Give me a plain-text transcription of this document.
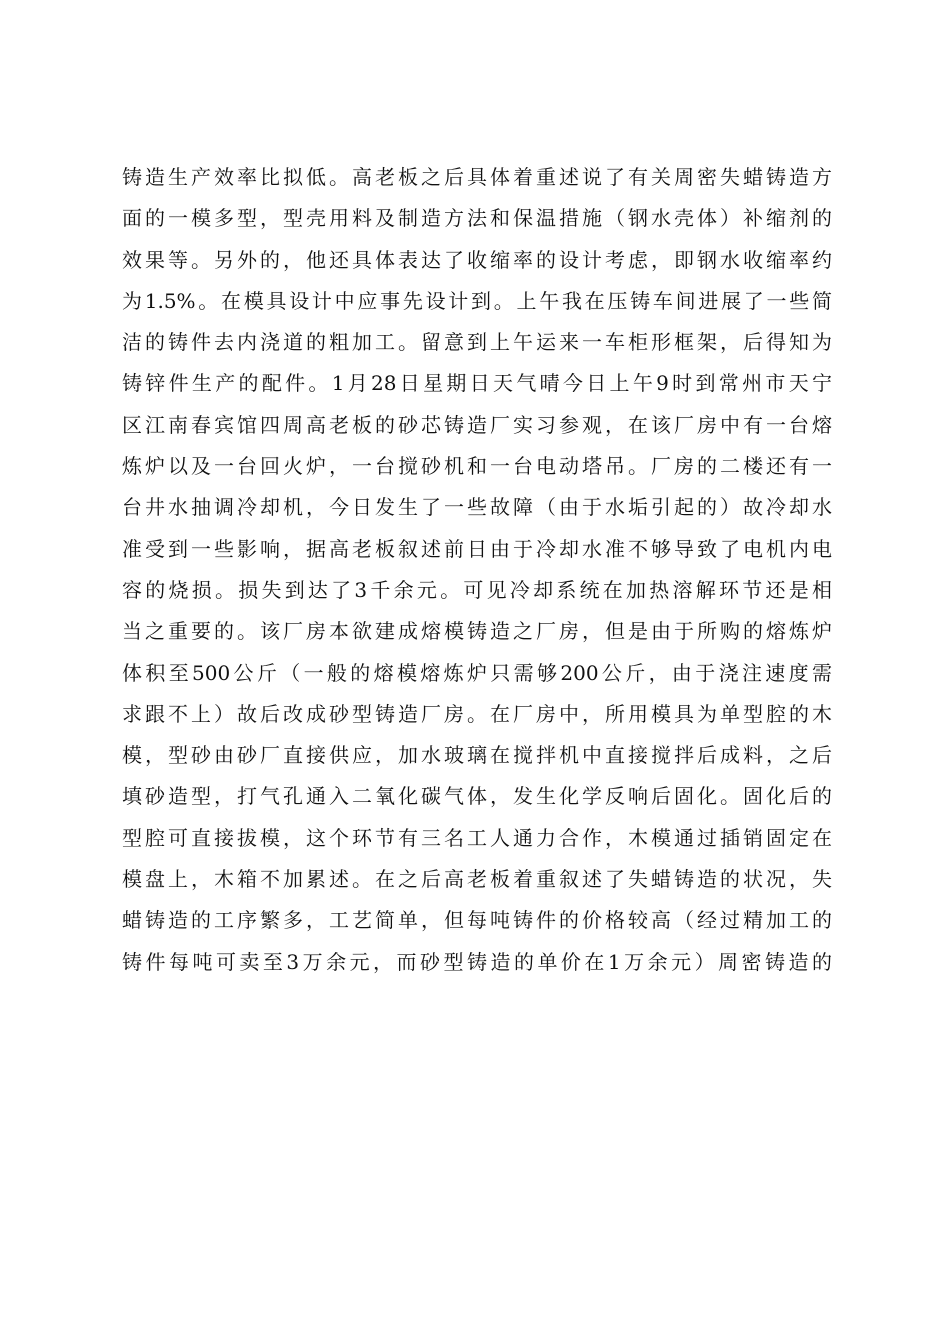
铸造生产效率比拟低。高老板之后具体着重述说了有关周密失蜡铸造方
面的一模多型，型壳用料及制造方法和保温措施（钢水壳体）补缩剂的
效果等。另外的，他还具体表达了收缩率的设计考虑，即钢水收缩率约
为1.5%。在模具设计中应事先设计到。上午我在压铸车间进展了一些简
洁的铸件去内浇道的粗加工。留意到上午运来一车柜形框架，后得知为
铸锌件生产的配件。1月28日星期日天气晴今日上午9时到常州市天宁
区江南春宾馆四周高老板的砂芯铸造厂实习参观，在该厂房中有一台熔
炼炉以及一台回火炉，一台搅砂机和一台电动塔吊。厂房的二楼还有一
台井水抽调冷却机，今日发生了一些故障（由于水垢引起的）故冷却水
准受到一些影响，据高老板叙述前日由于冷却水准不够导致了电机内电
容的烧损。损失到达了3千余元。可见冷却系统在加热溶解环节还是相
当之重要的。该厂房本欲建成熔模铸造之厂房，但是由于所购的熔炼炉
体积至500公斤（一般的熔模熔炼炉只需够200公斤，由于浇注速度需
求跟不上）故后改成砂型铸造厂房。在厂房中，所用模具为单型腔的木
模，型砂由砂厂直接供应，加水玻璃在搅拌机中直接搅拌后成料，之后
填砂造型，打气孔通入二氧化碳气体，发生化学反响后固化。固化后的
型腔可直接拔模，这个环节有三名工人通力合作，木模通过插销固定在
模盘上，木箱不加累述。在之后高老板着重叙述了失蜡铸造的状况，失
蜡铸造的工序繁多，工艺简单，但每吨铸件的价格较高（经过精加工的
铸件每吨可卖至3万余元，而砂型铸造的单价在1万余元）周密铸造的
